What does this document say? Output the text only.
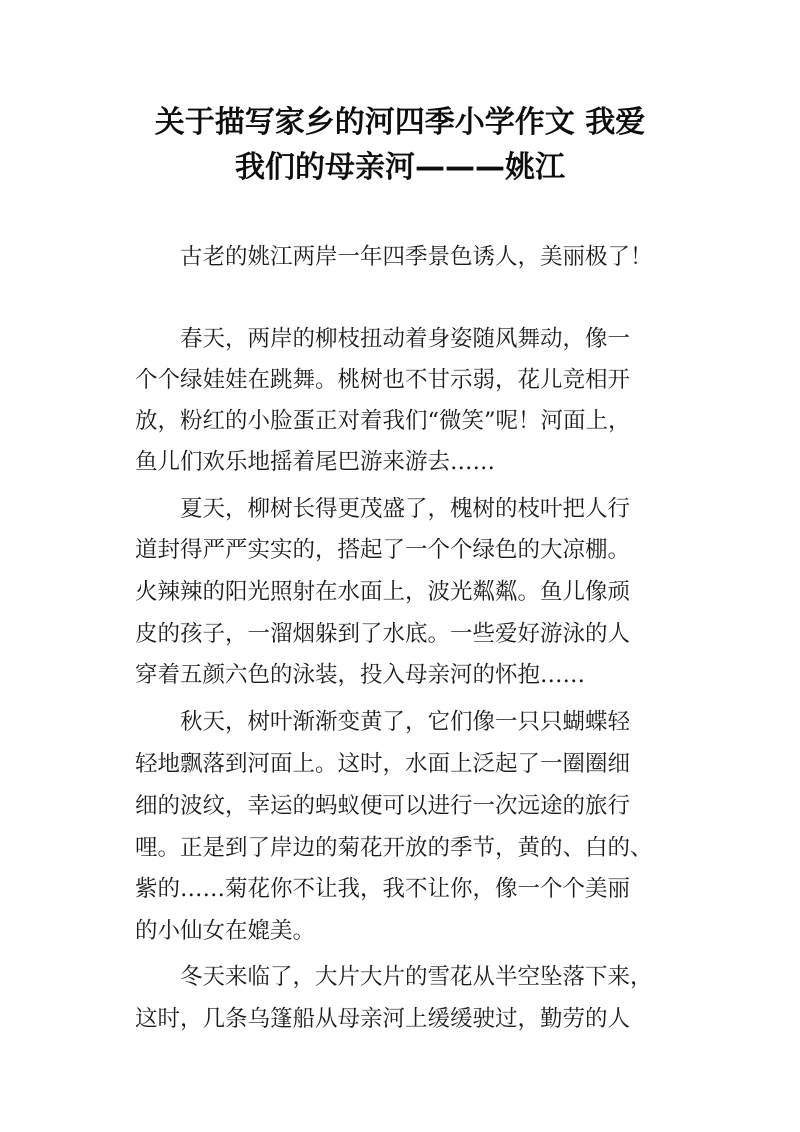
关于描写家乡的河四季小学作文 我爱
我们的母亲河———姚江
古老的姚江两岸一年四季景色诱人，美丽极了！
春天，两岸的柳枝扭动着身姿随风舞动，像一
个个绿娃娃在跳舞。桃树也不甘示弱，花儿竞相开
放，粉红的小脸蛋正对着我们“微笑”呢！河面上，
鱼儿们欢乐地摇着尾巴游来游去……
夏天，柳树长得更茂盛了，槐树的枝叶把人行
道封得严严实实的，搭起了一个个绿色的大凉棚。
火辣辣的阳光照射在水面上，波光粼粼。鱼儿像顽
皮的孩子，一溜烟躲到了水底。一些爱好游泳的人
穿着五颜六色的泳装，投入母亲河的怀抱……
秋天，树叶渐渐变黄了，它们像一只只蝴蝶轻
轻地飘落到河面上。这时，水面上泛起了一圈圈细
细的波纹，幸运的蚂蚁便可以进行一次远途的旅行
哩。正是到了岸边的菊花开放的季节，黄的、白的、
紫的……菊花你不让我，我不让你，像一个个美丽
的小仙女在媲美。
冬天来临了，大片大片的雪花从半空坠落下来，
这时，几条乌篷船从母亲河上缓缓驶过，勤劳的人
